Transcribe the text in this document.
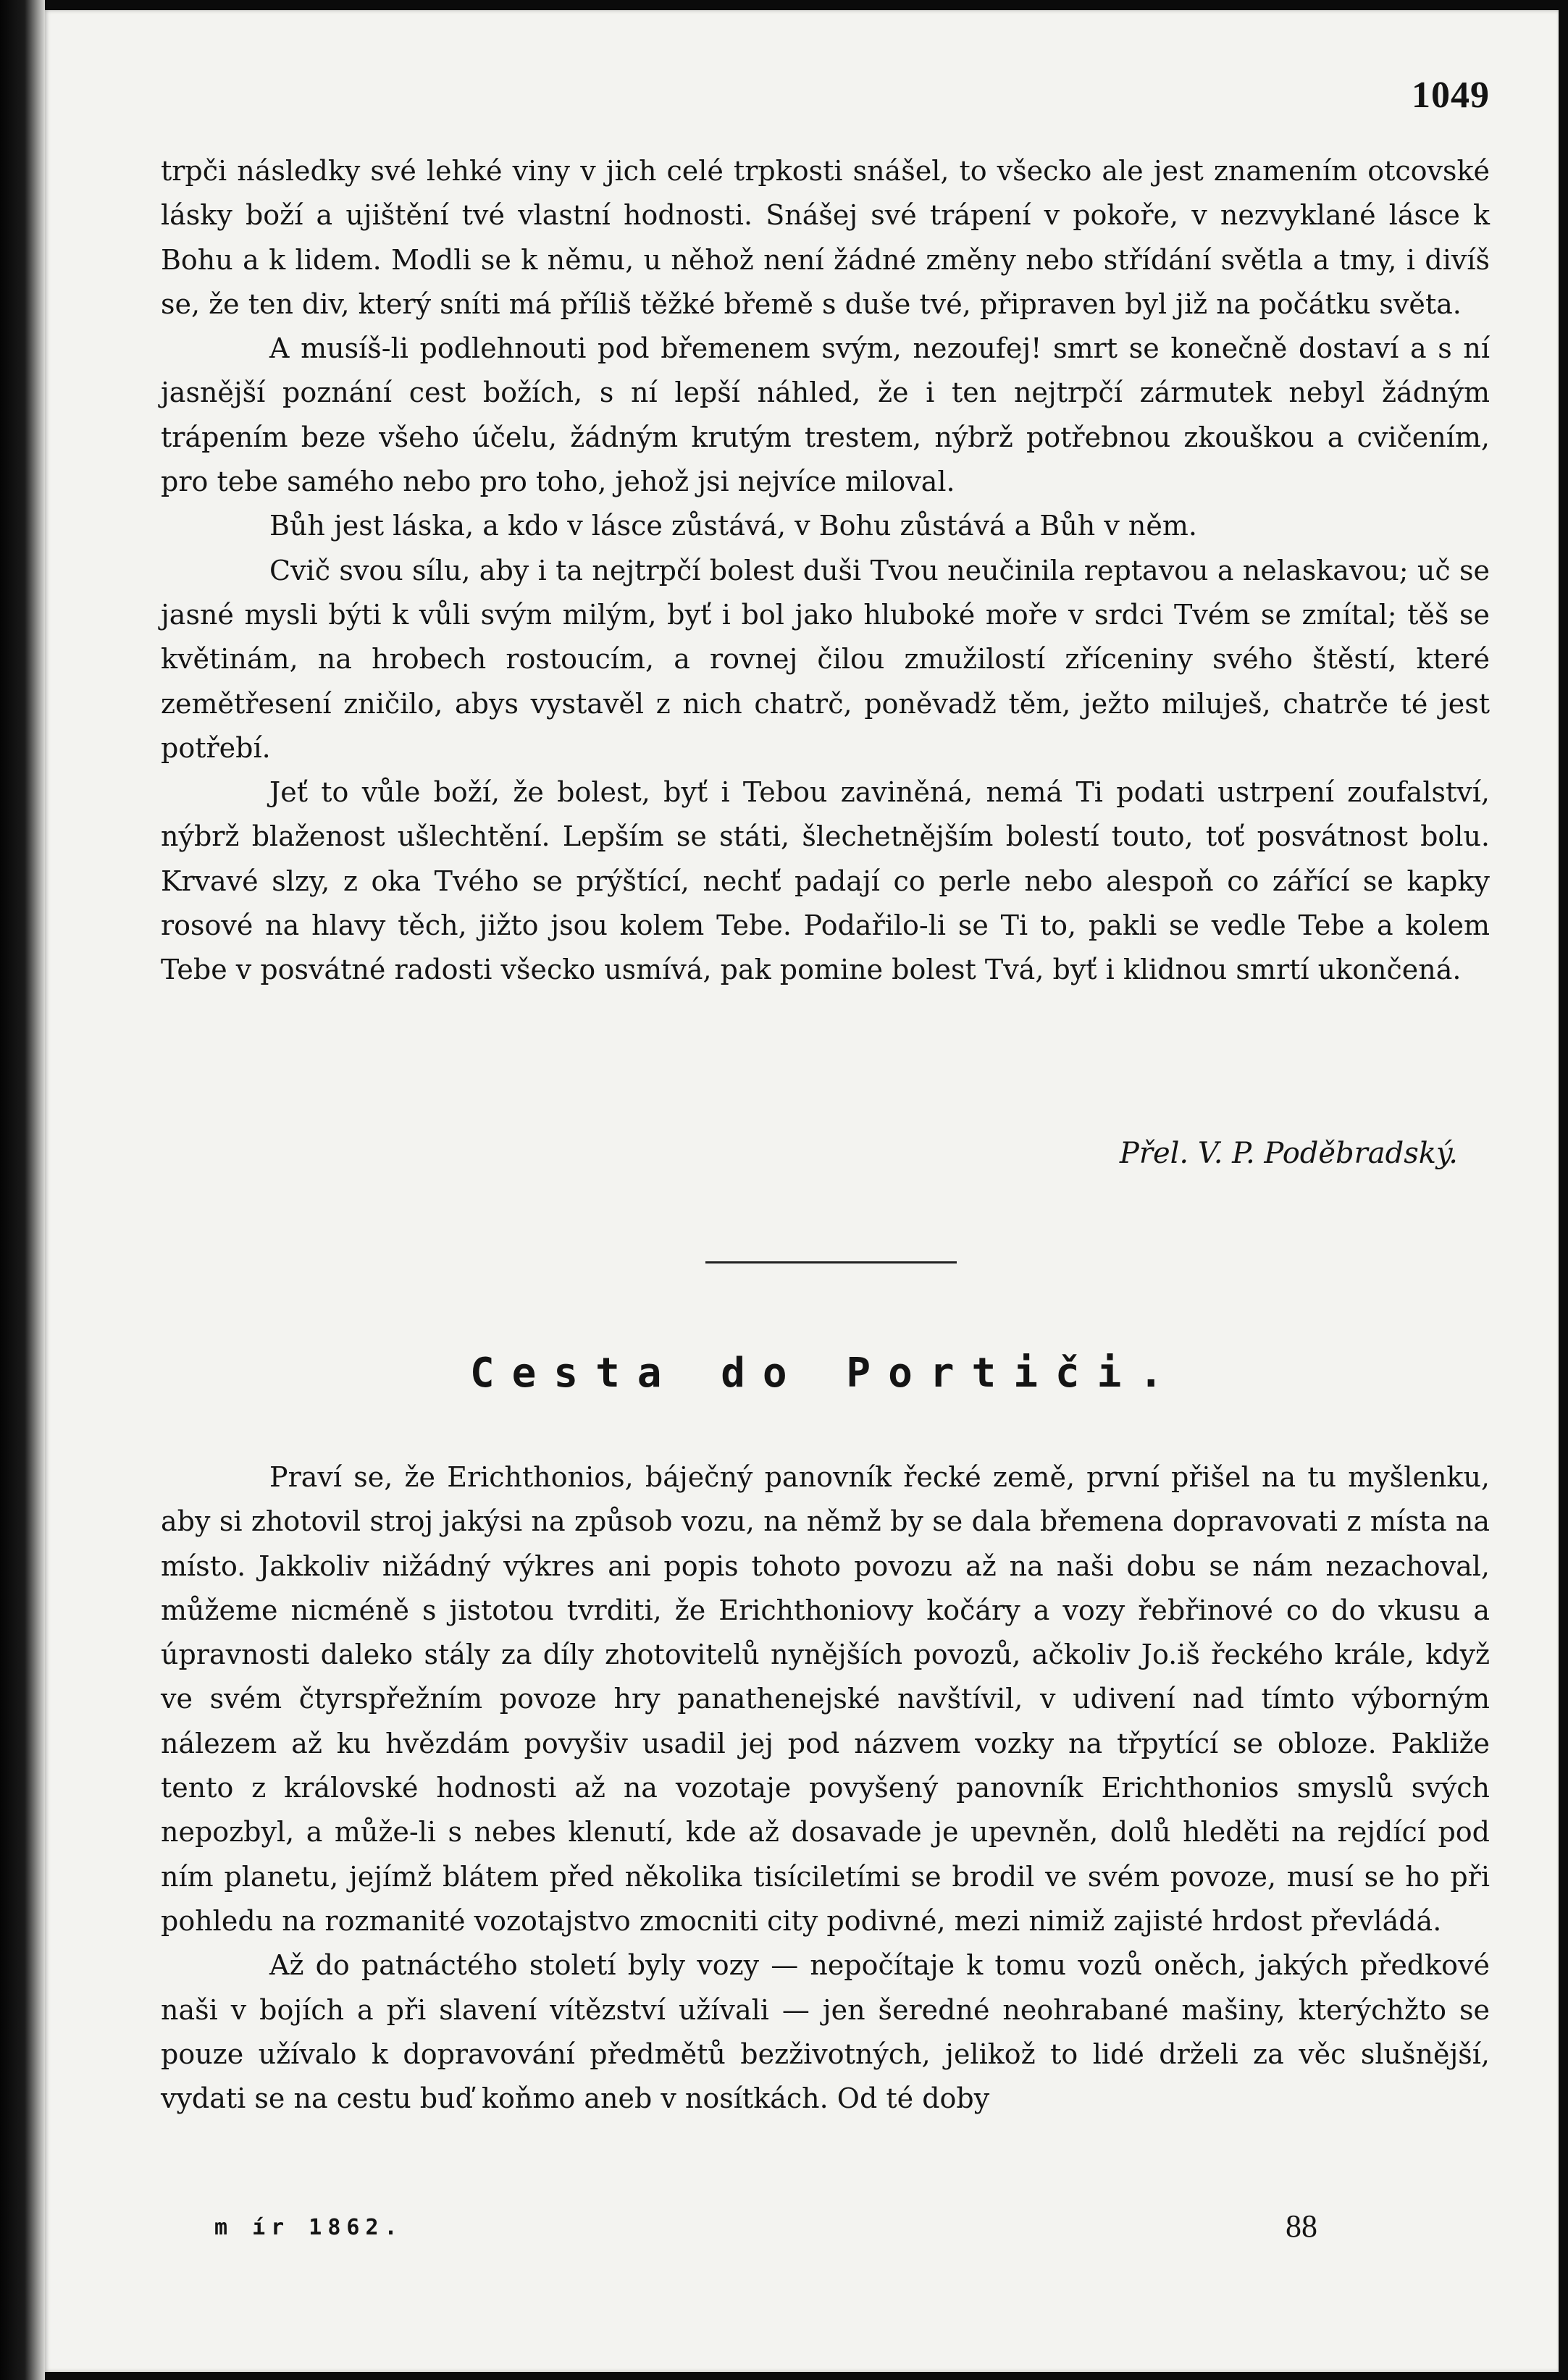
1049

trpči následky své lehké viny v jich celé trpkosti snášel, to všecko ale jest znamením otcovské lásky boží a ujištění tvé vlastní hodnosti. Snášej své trápení v pokoře, v nezvyklané lásce k Bohu a k lidem. Modli se k němu, u něhož není žádné změny nebo střídání světla a tmy, i divíš se, že ten div, který sníti má příliš těžké břemě s duše tvé, připraven byl již na počátku světa.

A musíš-li podlehnouti pod břemenem svým, nezoufej! smrt se konečně dostaví a s ní jasnější poznání cest božích, s ní lepší náhled, že i ten nejtrpčí zármutek nebyl žádným trápením beze všeho účelu, žádným krutým trestem, nýbrž potřebnou zkouškou a cvičením, pro tebe samého nebo pro toho, jehož jsi nejvíce miloval.

Bůh jest láska, a kdo v lásce zůstává, v Bohu zůstává a Bůh v něm.

Cvič svou sílu, aby i ta nejtrpčí bolest duši Tvou neučinila reptavou a nelaskavou; uč se jasné mysli býti k vůli svým milým, byť i bol jako hluboké moře v srdci Tvém se zmítal; těš se květinám, na hrobech rostoucím, a rovnej čilou zmužilostí zříceniny svého štěstí, které zemětřesení zničilo, abys vystavěl z nich chatrč, poněvadž těm, ježto miluješ, chatrče té jest potřebí.

Jeť to vůle boží, že bolest, byť i Tebou zaviněná, nemá Ti podati ustrpení zoufalství, nýbrž blaženost ušlechtění. Lepším se státi, šlechetnějším bolestí touto, toť posvátnost bolu. Krvavé slzy, z oka Tvého se prýštící, nechť padají co perle nebo alespoň co zářící se kapky rosové na hlavy těch, jižto jsou kolem Tebe. Podařilo-li se Ti to, pakli se vedle Tebe a kolem Tebe v posvátné radosti všecko usmívá, pak pomine bolest Tvá, byť i klidnou smrtí ukončená.

Přel. V. P. Poděbradský.
Cesta do Portiči.

Praví se, že Erichthonios, báječný panovník řecké země, první přišel na tu myšlenku, aby si zhotovil stroj jakýsi na způsob vozu, na němž by se dala břemena dopravovati z místa na místo. Jakkoliv nižádný výkres ani popis tohoto povozu až na naši dobu se nám nezachoval, můžeme nicméně s jistotou tvrditi, že Erichthoniovy kočáry a vozy řebřinové co do vkusu a úpravnosti daleko stály za díly zhotovitelů nynějších povozů, ačkoliv Jo.iš řeckého krále, když ve svém čtyrspřežním povoze hry panathenejské navštívil, v udivení nad tímto výborným nálezem až ku hvězdám povyšiv usadil jej pod názvem vozky na třpytící se obloze. Pakliže tento z královské hodnosti až na vozotaje povyšený panovník Erichthonios smyslů svých nepozbyl, a může-li s nebes klenutí, kde až dosavade je upevněn, dolů hleděti na rejdící pod ním planetu, jejímž blátem před několika tisíciletími se brodil ve svém povoze, musí se ho při pohledu na rozmanité vozotajstvo zmocniti city podivné, mezi nimiž zajisté hrdost převládá.

Až do patnáctého století byly vozy — nepočítaje k tomu vozů oněch, jakých předkové naši v bojích a při slavení vítězství užívali — jen šeredné neohrabané mašiny, kterýchžto se pouze užívalo k dopravování předmětů bezživotných, jelikož to lidé drželi za věc slušnější, vydati se na cestu buď koňmo aneb v nosítkách. Od té doby

m ír 1862.	88
